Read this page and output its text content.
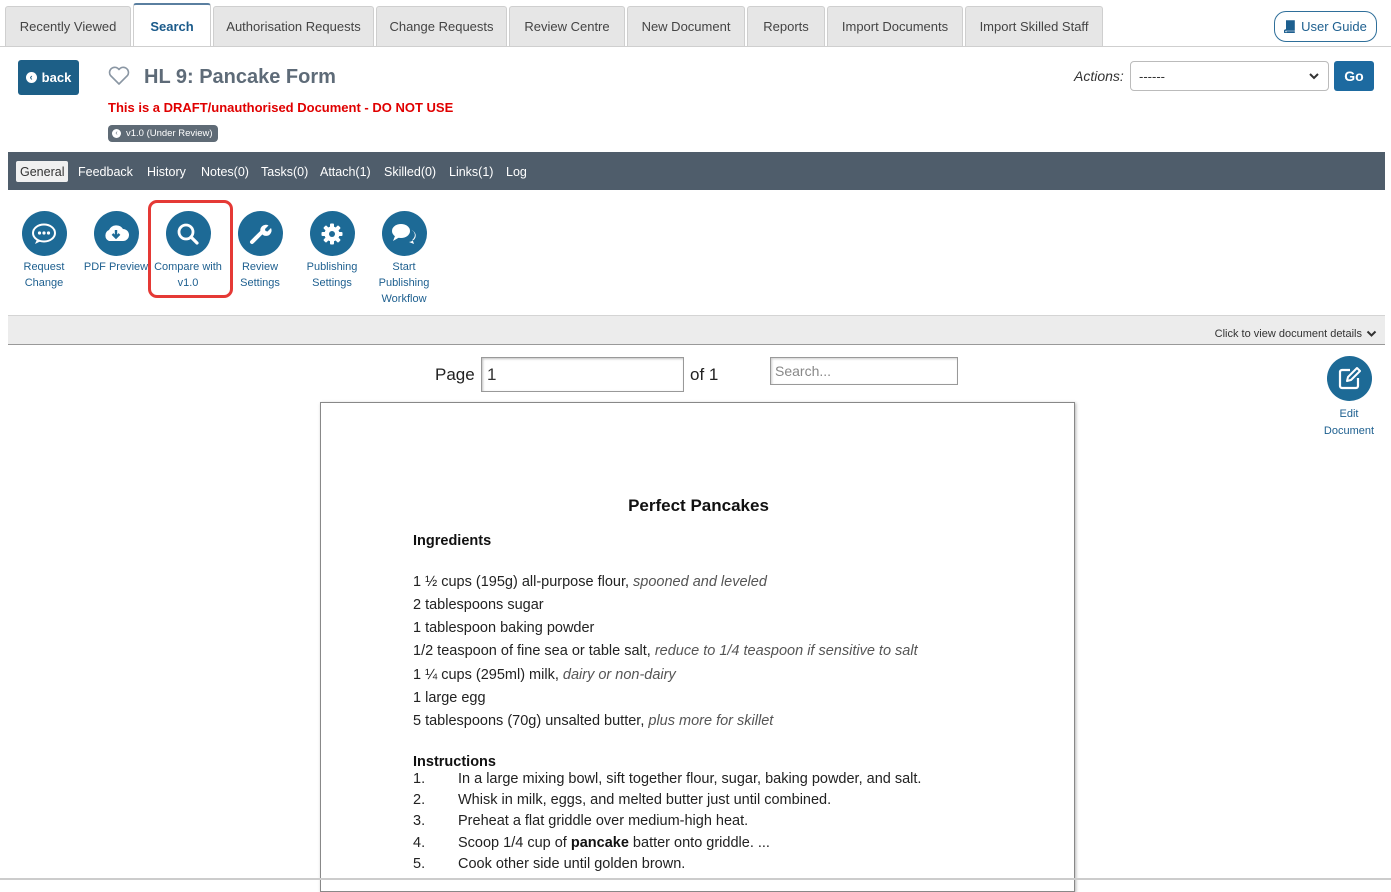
Recently Viewed	Search	Authorisation Requests	Change Requests	Review Centre	New Document	Reports	Import Documents	Import Skilled Staff	User Guide
‹ back	HL 9: Pancake Form
This is a DRAFT/unauthorised Document - DO NOT USE
‹ v1.0 (Under Review)
Actions: ------	Go
General	Feedback History Notes(0) Tasks(0) Attach(1) Skilled(0) Links(1) Log
Request
Change
PDF Preview Compare with
v1.0
Review
Settings
Publishing
Settings
Start
Publishing
Workflow
Click to view document details
Page 1	of 1	Search...
Edit
Document
Perfect Pancakes
Ingredients
1 ½ cups (195g) all-purpose flour, spooned and leveled
2 tablespoons sugar
1 tablespoon baking powder
1/2 teaspoon of fine sea or table salt, reduce to 1/4 teaspoon if sensitive to salt
1 ¼ cups (295ml) milk, dairy or non-dairy
1 large egg
5 tablespoons (70g) unsalted butter, plus more for skillet
Instructions
1. In a large mixing bowl, sift together flour, sugar, baking powder, and salt.
2. Whisk in milk, eggs, and melted butter just until combined.
3. Preheat a flat griddle over medium-high heat.
4. Scoop 1/4 cup of pancake batter onto griddle. ...
5. Cook other side until golden brown.
